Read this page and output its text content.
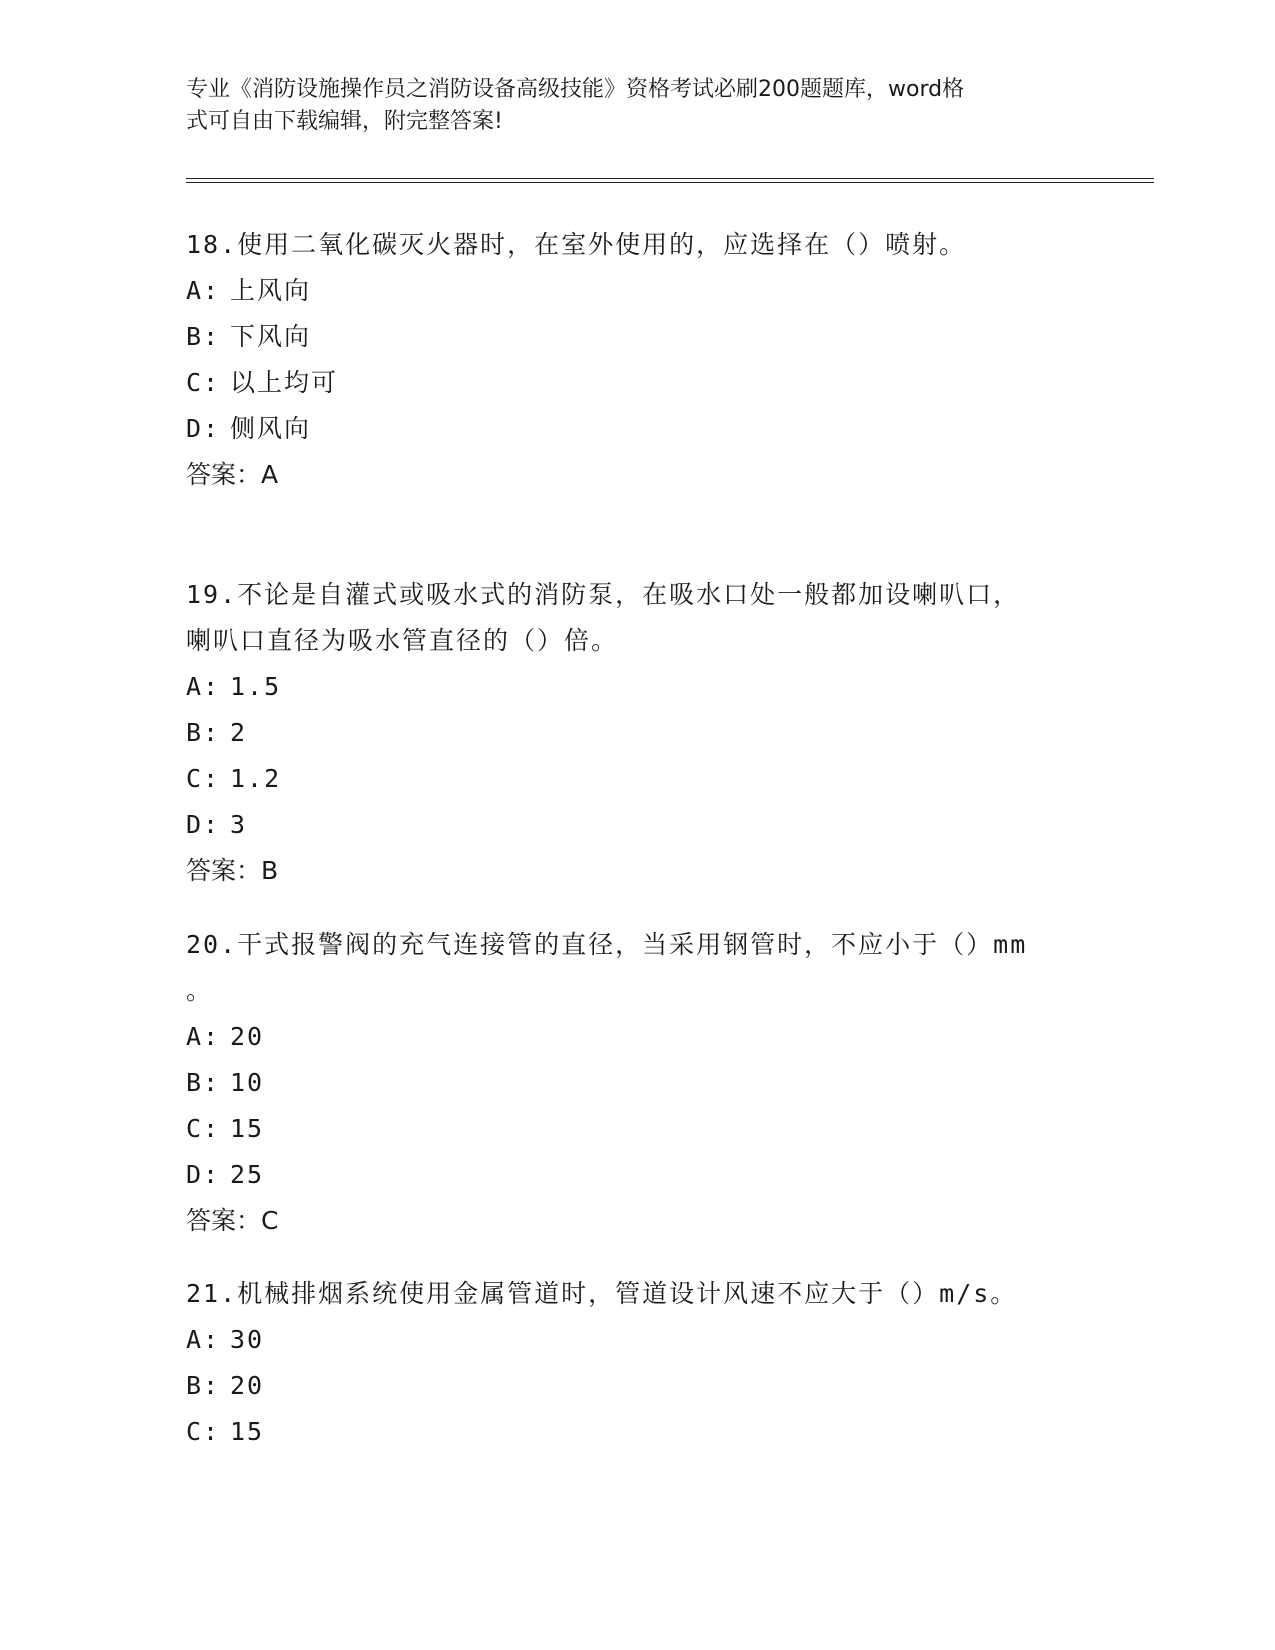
专业《消防设施操作员之消防设备高级技能》资格考试必刷200题题库，word格
式可自由下载编辑，附完整答案!

18.使用二氧化碳灭火器时，在室外使用的，应选择在（）喷射。

A: 上风向

B: 下风向

C: 以上均可

D: 侧风向

答案：A

19.不论是自灌式或吸水式的消防泵，在吸水口处一般都加设喇叭口，

喇叭口直径为吸水管直径的（）倍。

A: 1.5

B: 2

C: 1.2

D: 3

答案：B

20.干式报警阀的充气连接管的直径，当采用钢管时，不应小于（）mm

。

A: 20

B: 10

C: 15

D: 25

答案：C

21.机械排烟系统使用金属管道时，管道设计风速不应大于（）m/s。

A: 30

B: 20

C: 15
